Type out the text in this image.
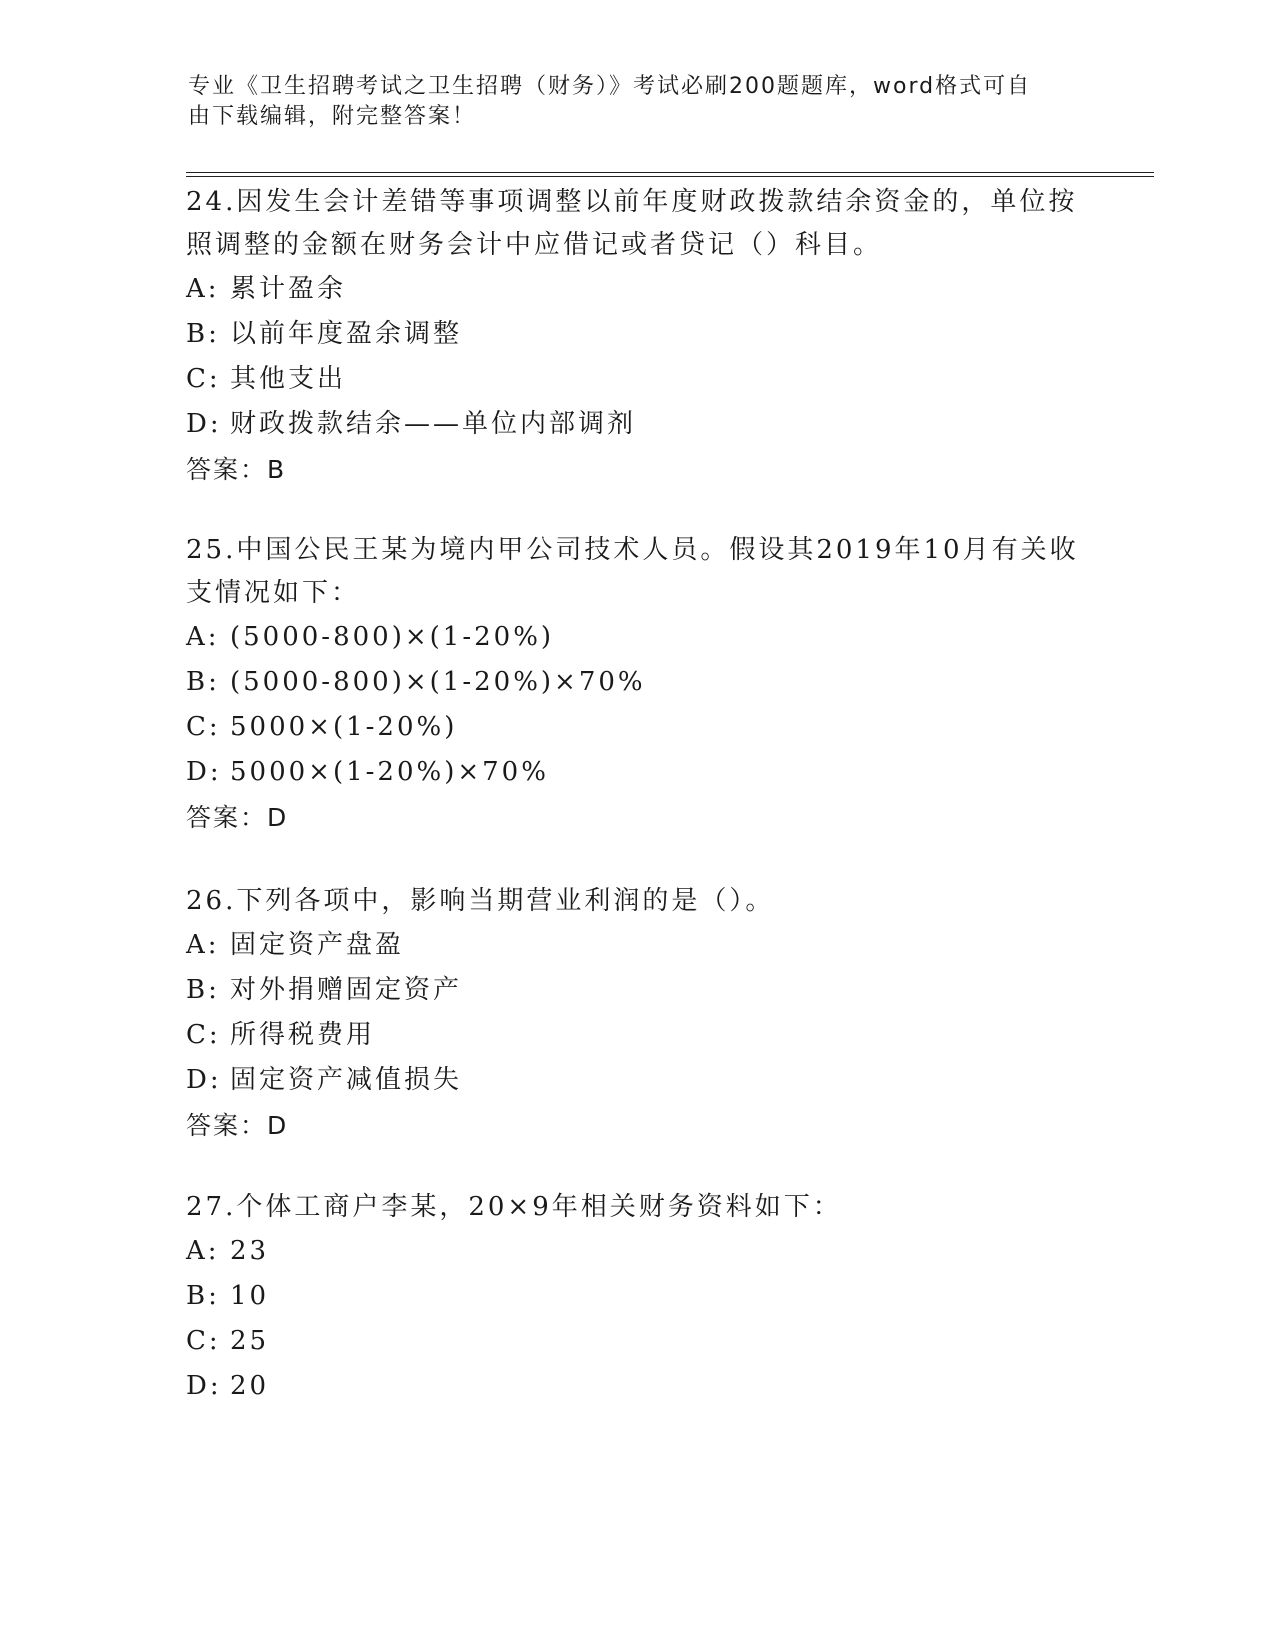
专业《卫生招聘考试之卫生招聘（财务）》考试必刷200题题库，word格式可自
由下载编辑，附完整答案！
24.因发生会计差错等事项调整以前年度财政拨款结余资金的，单位按
照调整的金额在财务会计中应借记或者贷记（）科目。
A: 累计盈余
B: 以前年度盈余调整
C: 其他支出
D: 财政拨款结余——单位内部调剂
答案：B
25.中国公民王某为境内甲公司技术人员。假设其2019年10月有关收
支情况如下：
A: (5000-800)×(1-20%)
B: (5000-800)×(1-20%)×70%
C: 5000×(1-20%)
D: 5000×(1-20%)×70%
答案：D
26.下列各项中，影响当期营业利润的是（）。
A: 固定资产盘盈
B: 对外捐赠固定资产
C: 所得税费用
D: 固定资产减值损失
答案：D
27.个体工商户李某，20×9年相关财务资料如下：
A: 23
B: 10
C: 25
D: 20
